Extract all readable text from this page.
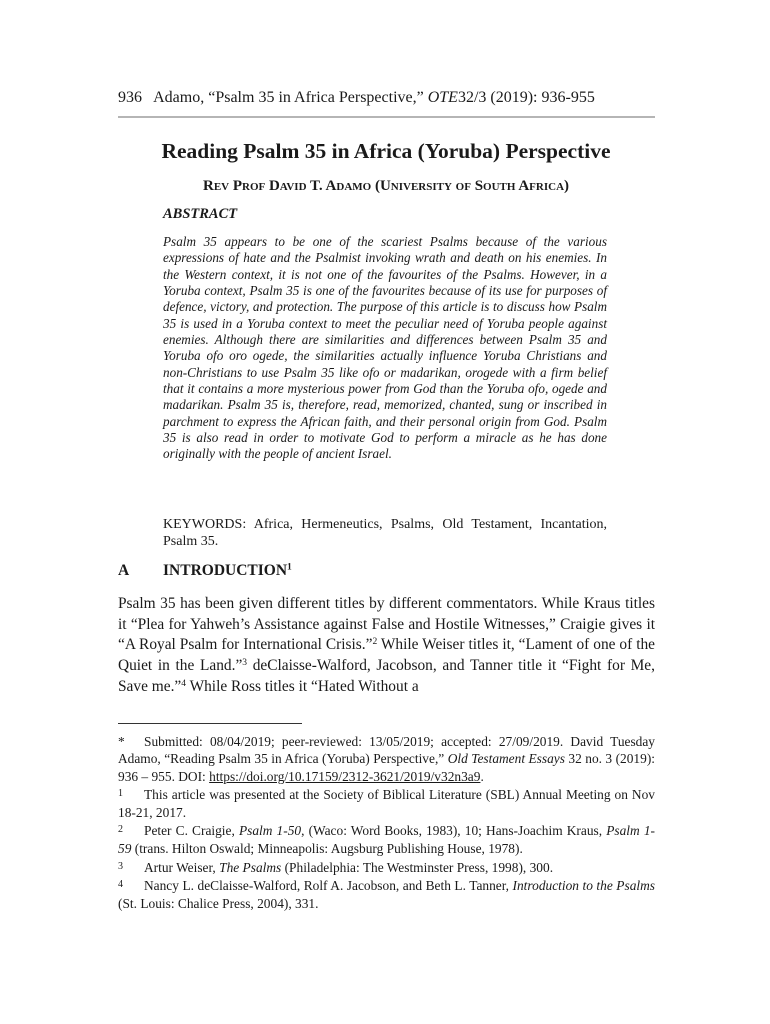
936 Adamo, “Psalm 35 in Africa Perspective,” OTE32/3 (2019): 936-955
Reading Psalm 35 in Africa (Yoruba) Perspective
Rev Prof David T. Adamo (University of South Africa)
ABSTRACT

Psalm 35 appears to be one of the scariest Psalms because of the various expressions of hate and the Psalmist invoking wrath and death on his enemies. In the Western context, it is not one of the favourites of the Psalms. However, in a Yoruba context, Psalm 35 is one of the favourites because of its use for purposes of defence, victory, and protection. The purpose of this article is to discuss how Psalm 35 is used in a Yoruba context to meet the peculiar need of Yoruba people against enemies. Although there are similarities and differences between Psalm 35 and Yoruba ofo oro ogede, the similarities actually influence Yoruba Christians and non-Christians to use Psalm 35 like ofo or madarikan, orogede with a firm belief that it contains a more mysterious power from God than the Yoruba ofo, ogede and madarikan. Psalm 35 is, therefore, read, memorized, chanted, sung or inscribed in parchment to express the African faith, and their personal origin from God. Psalm 35 is also read in order to motivate God to perform a miracle as he has done originally with the people of ancient Israel.

KEYWORDS: Africa, Hermeneutics, Psalms, Old Testament, Incantation, Psalm 35.

A INTRODUCTION$^1$

Psalm 35 has been given different titles by different commentators. While Kraus titles it “Plea for Yahweh’s Assistance against False and Hostile Witnesses,” Craigie gives it “A Royal Psalm for International Crisis.”$^2$ While Weiser titles it, “Lament of one of the Quiet in the Land.”$^3$ deClaisse-Walford, Jacobson, and Tanner title it “Fight for Me, Save me.”$^4$ While Ross titles it “Hated Without a

* Submitted: 08/04/2019; peer-reviewed: 13/05/2019; accepted: 27/09/2019. David Tuesday Adamo, “Reading Psalm 35 in Africa (Yoruba) Perspective,” Old Testament Essays 32 no. 3 (2019): 936 – 955. DOI: https://doi.org/10.17159/2312-3621/2019/v32n3a9.

1 This article was presented at the Society of Biblical Literature (SBL) Annual Meeting on Nov 18-21, 2017.

2 Peter C. Craigie, Psalm 1-50, (Waco: Word Books, 1983), 10; Hans-Joachim Kraus, Psalm 1-59 (trans. Hilton Oswald; Minneapolis: Augsburg Publishing House, 1978).

3 Artur Weiser, The Psalms (Philadelphia: The Westminster Press, 1998), 300.

4 Nancy L. deClaisse-Walford, Rolf A. Jacobson, and Beth L. Tanner, Introduction to the Psalms (St. Louis: Chalice Press, 2004), 331.
